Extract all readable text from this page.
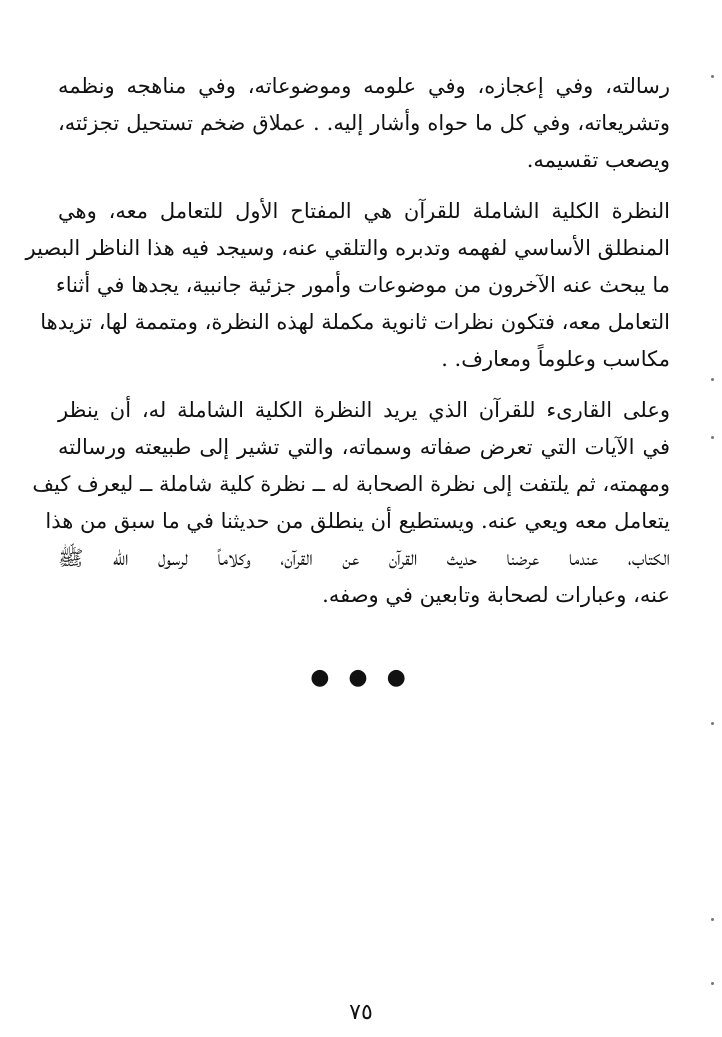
رسالته، وفي إعجازه، وفي علومه وموضوعاته، وفي مناهجه ونظمه
وتشريعاته، وفي كل ما حواه وأشار إليه. . عملاق ضخم تستحيل تجزئته،
ويصعب تقسيمه.
النظرة الكلية الشاملة للقرآن هي المفتاح الأول للتعامل معه، وهي
المنطلق الأساسي لفهمه وتدبره والتلقي عنه، وسيجد فيه هذا الناظر البصير
ما يبحث عنه الآخرون من موضوعات وأمور جزئية جانبية، يجدها في أثناء
التعامل معه، فتكون نظرات ثانوية مكملة لهذه النظرة، ومتممة لها، تزيدها
مكاسب وعلوماً ومعارف. .
وعلى القارىء للقرآن الذي يريد النظرة الكلية الشاملة له، أن ينظر
في الآيات التي تعرض صفاته وسماته، والتي تشير إلى طبيعته ورسالته
ومهمته، ثم يلتفت إلى نظرة الصحابة له ــ نظرة كلية شاملة ــ ليعرف كيف
يتعامل معه ويعي عنه. ويستطيع أن ينطلق من حديثنا في ما سبق من هذا
الكتاب، عندما عرضنا حديث القرآن عن القرآن، وكلاماً لرسول الله ﷺ
عنه، وعبارات لصحابة وتابعين في وصفه.
● ● ●
٧٥
